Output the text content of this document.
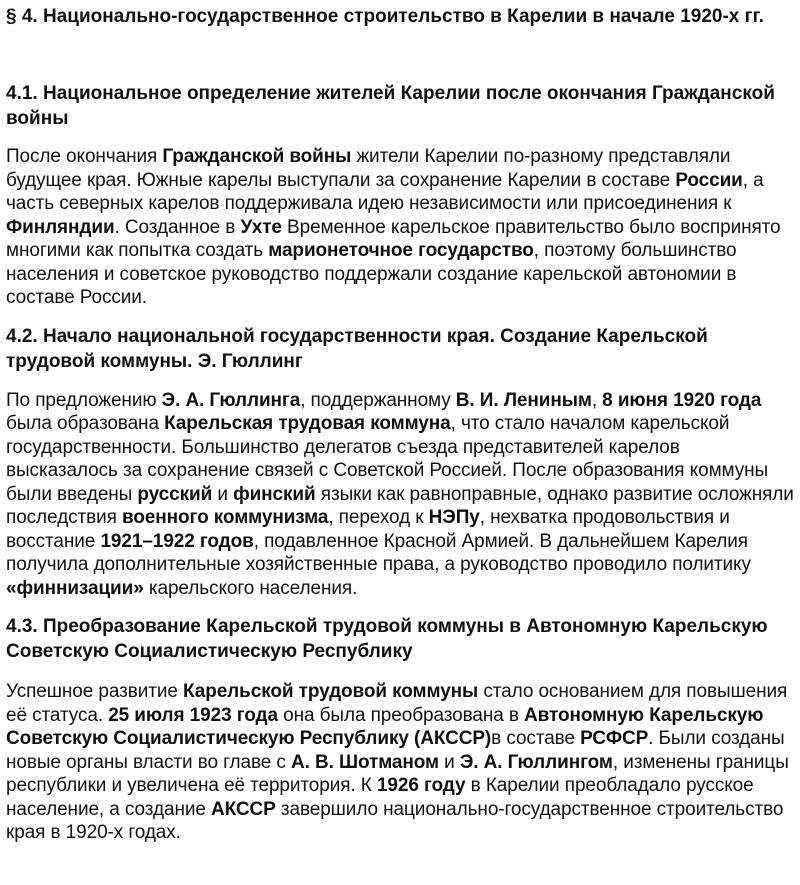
§ 4. Национально-государственное строительство в Карелии в начале 1920-х гг.
4.1. Национальное определение жителей Карелии после окончания Гражданской войны

После окончания Гражданской войны жители Карелии по-разному представляли будущее края. Южные карелы выступали за сохранение Карелии в составе России, а часть северных карелов поддерживала идею независимости или присоединения к Финляндии. Созданное в Ухте Временное карельское правительство было воспринято многими как попытка создать марионеточное государство, поэтому большинство населения и советское руководство поддержали создание карельской автономии в составе России.

4.2. Начало национальной государственности края. Создание Карельской трудовой коммуны. Э. Гюллинг

По предложению Э. А. Гюллинга, поддержанному В. И. Лениным, 8 июня 1920 года была образована Карельская трудовая коммуна, что стало началом карельской государственности. Большинство делегатов съезда представителей карелов высказалось за сохранение связей с Советской Россией. После образования коммуны были введены русский и финский языки как равноправные, однако развитие осложняли последствия военного коммунизма, переход к НЭПу, нехватка продовольствия и восстание 1921–1922 годов, подавленное Красной Армией. В дальнейшем Карелия получила дополнительные хозяйственные права, а руководство проводило политику «финнизации» карельского населения.

4.3. Преобразование Карельской трудовой коммуны в Автономную Карельскую Советскую Социалистическую Республику

Успешное развитие Карельской трудовой коммуны стало основанием для повышения её статуса. 25 июля 1923 года она была преобразована в Автономную Карельскую Советскую Социалистическую Республику (АКССР)в составе РСФСР. Были созданы новые органы власти во главе с А. В. Шотманом и Э. А. Гюллингом, изменены границы республики и увеличена её территория. К 1926 году в Карелии преобладало русское население, а создание АКССР завершило национально-государственное строительство края в 1920-х годах.
